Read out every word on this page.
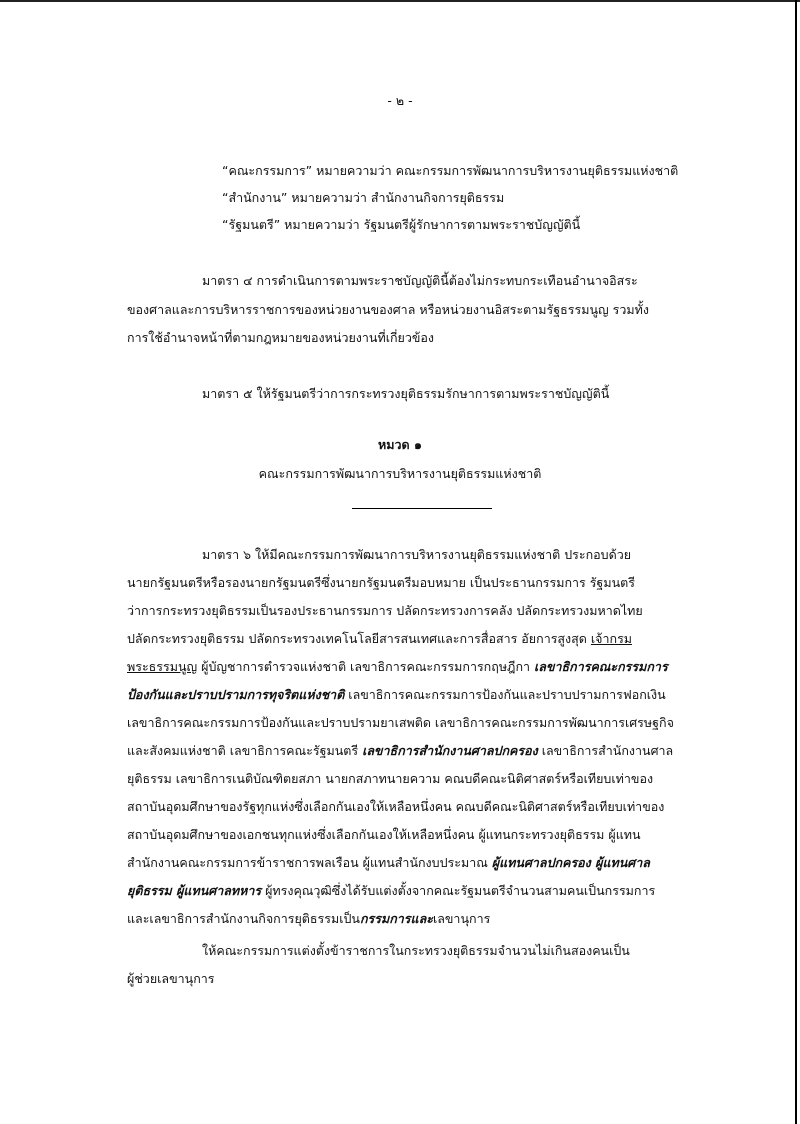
- ๒ -
“คณะกรรมการ” หมายความว่า คณะกรรมการพัฒนาการบริหารงานยุติธรรมแห่งชาติ
“สำนักงาน” หมายความว่า สำนักงานกิจการยุติธรรม
“รัฐมนตรี” หมายความว่า รัฐมนตรีผู้รักษาการตามพระราชบัญญัตินี้
มาตรา ๔ การดำเนินการตามพระราชบัญญัตินี้ต้องไม่กระทบกระเทือนอำนาจอิสระ
ของศาลและการบริหารราชการของหน่วยงานของศาล หรือหน่วยงานอิสระตามรัฐธรรมนูญ รวมทั้ง
การใช้อำนาจหน้าที่ตามกฎหมายของหน่วยงานที่เกี่ยวข้อง
มาตรา ๕ ให้รัฐมนตรีว่าการกระทรวงยุติธรรมรักษาการตามพระราชบัญญัตินี้
หมวด ๑
คณะกรรมการพัฒนาการบริหารงานยุติธรรมแห่งชาติ
มาตรา ๖ ให้มีคณะกรรมการพัฒนาการบริหารงานยุติธรรมแห่งชาติ ประกอบด้วย
นายกรัฐมนตรีหรือรองนายกรัฐมนตรีซึ่งนายกรัฐมนตรีมอบหมาย เป็นประธานกรรมการ รัฐมนตรี
ว่าการกระทรวงยุติธรรมเป็นรองประธานกรรมการ ปลัดกระทรวงการคลัง ปลัดกระทรวงมหาดไทย
ปลัดกระทรวงยุติธรรม ปลัดกระทรวงเทคโนโลยีสารสนเทศและการสื่อสาร อัยการสูงสุด เจ้ากรม
พระธรรมนูญ ผู้บัญชาการตำรวจแห่งชาติ เลขาธิการคณะกรรมการกฤษฎีกา เลขาธิการคณะกรรมการ
ป้องกันและปราบปรามการทุจริตแห่งชาติ เลขาธิการคณะกรรมการป้องกันและปราบปรามการฟอกเงิน
เลขาธิการคณะกรรมการป้องกันและปราบปรามยาเสพติด เลขาธิการคณะกรรมการพัฒนาการเศรษฐกิจ
และสังคมแห่งชาติ เลขาธิการคณะรัฐมนตรี เลขาธิการสำนักงานศาลปกครอง เลขาธิการสำนักงานศาล
ยุติธรรม เลขาธิการเนติบัณฑิตยสภา นายกสภาทนายความ คณบดีคณะนิติศาสตร์หรือเทียบเท่าของ
สถาบันอุดมศึกษาของรัฐทุกแห่งซึ่งเลือกกันเองให้เหลือหนึ่งคน คณบดีคณะนิติศาสตร์หรือเทียบเท่าของ
สถาบันอุดมศึกษาของเอกชนทุกแห่งซึ่งเลือกกันเองให้เหลือหนึ่งคน ผู้แทนกระทรวงยุติธรรม ผู้แทน
สำนักงานคณะกรรมการข้าราชการพลเรือน ผู้แทนสำนักงบประมาณ ผู้แทนศาลปกครอง ผู้แทนศาล
ยุติธรรม ผู้แทนศาลทหาร ผู้ทรงคุณวุฒิซึ่งได้รับแต่งตั้งจากคณะรัฐมนตรีจำนวนสามคนเป็นกรรมการ
และเลขาธิการสำนักงานกิจการยุติธรรมเป็นกรรมการและเลขานุการ
ให้คณะกรรมการแต่งตั้งข้าราชการในกระทรวงยุติธรรมจำนวนไม่เกินสองคนเป็น
ผู้ช่วยเลขานุการ
